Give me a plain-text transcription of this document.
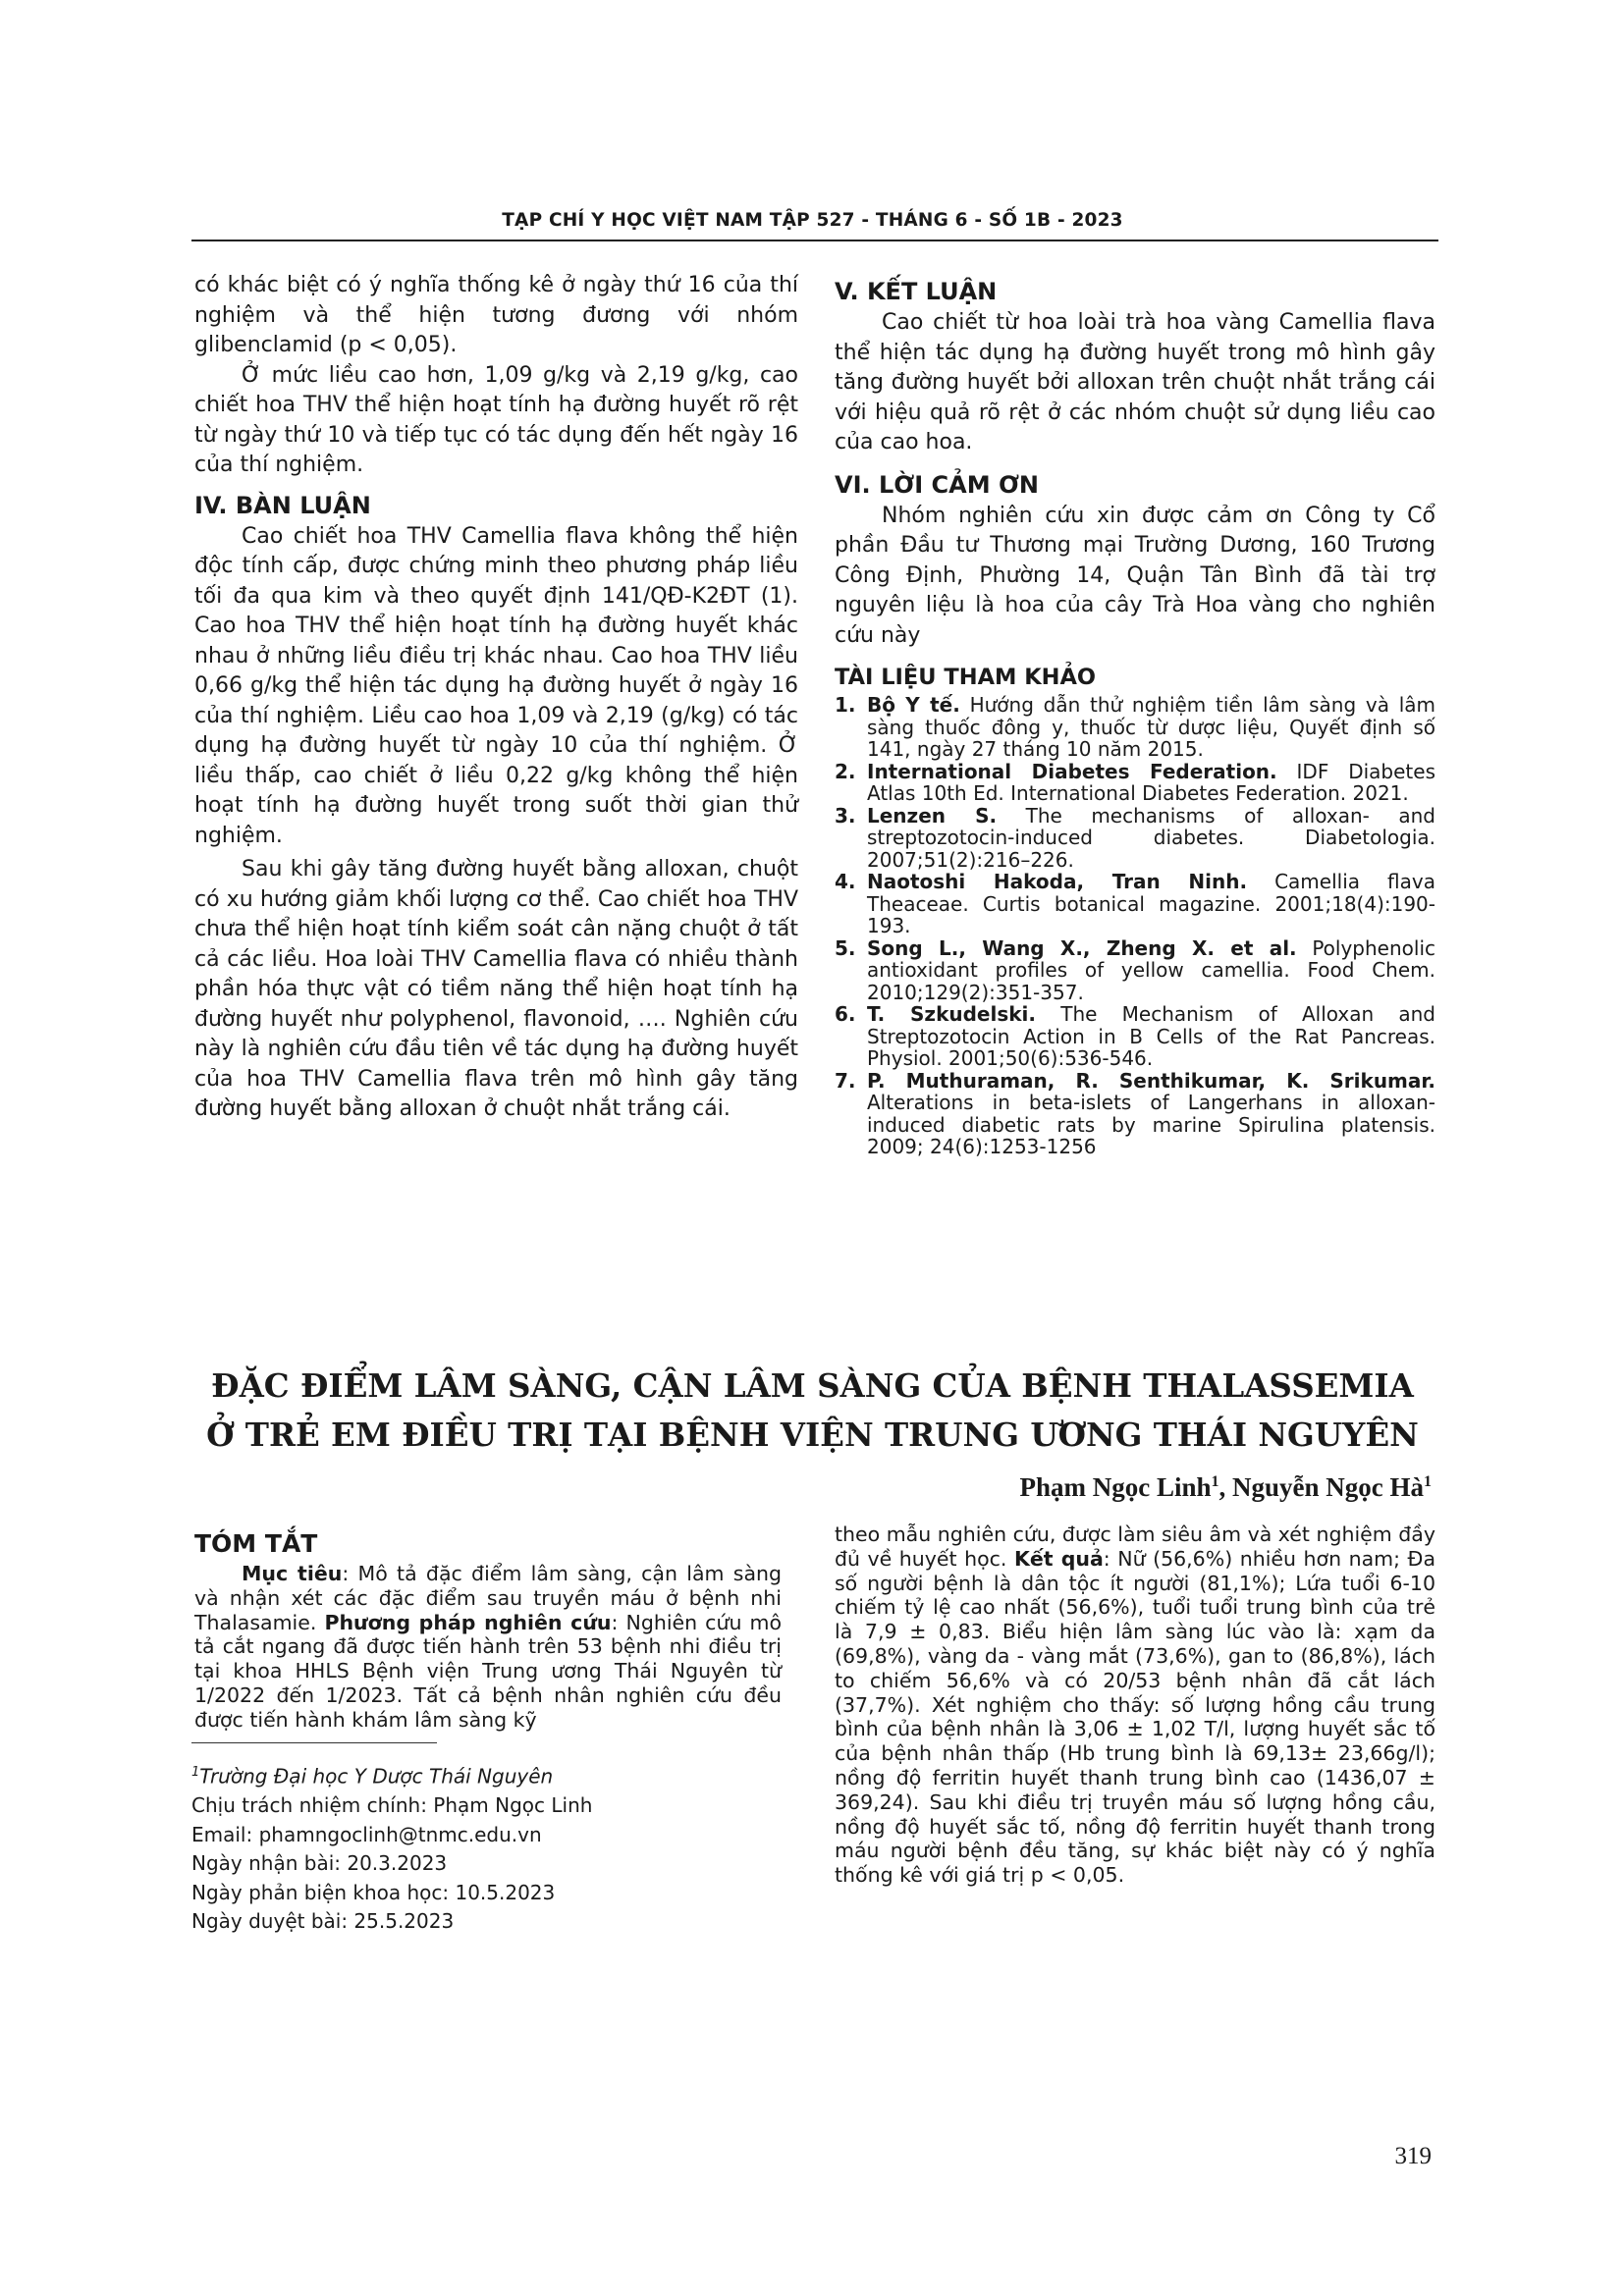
TẠP CHÍ Y HỌC VIỆT NAM TẬP 527 - THÁNG 6 - SỐ 1B - 2023

có khác biệt có ý nghĩa thống kê ở ngày thứ 16 của thí nghiệm và thể hiện tương đương với nhóm glibenclamid (p < 0,05).

Ở mức liều cao hơn, 1,09 g/kg và 2,19 g/kg, cao chiết hoa THV thể hiện hoạt tính hạ đường huyết rõ rệt từ ngày thứ 10 và tiếp tục có tác dụng đến hết ngày 16 của thí nghiệm.

IV. BÀN LUẬN

Cao chiết hoa THV Camellia flava không thể hiện độc tính cấp, được chứng minh theo phương pháp liều tối đa qua kim và theo quyết định 141/QĐ-K2ĐT (1). Cao hoa THV thể hiện hoạt tính hạ đường huyết khác nhau ở những liều điều trị khác nhau. Cao hoa THV liều 0,66 g/kg thể hiện tác dụng hạ đường huyết ở ngày 16 của thí nghiệm. Liều cao hoa 1,09 và 2,19 (g/kg) có tác dụng hạ đường huyết từ ngày 10 của thí nghiệm. Ở liều thấp, cao chiết ở liều 0,22 g/kg không thể hiện hoạt tính hạ đường huyết trong suốt thời gian thử nghiệm.

Sau khi gây tăng đường huyết bằng alloxan, chuột có xu hướng giảm khối lượng cơ thể. Cao chiết hoa THV chưa thể hiện hoạt tính kiểm soát cân nặng chuột ở tất cả các liều. Hoa loài THV Camellia flava có nhiều thành phần hóa thực vật có tiềm năng thể hiện hoạt tính hạ đường huyết như polyphenol, flavonoid, …. Nghiên cứu này là nghiên cứu đầu tiên về tác dụng hạ đường huyết của hoa THV Camellia flava trên mô hình gây tăng đường huyết bằng alloxan ở chuột nhắt trắng cái.

V. KẾT LUẬN

Cao chiết từ hoa loài trà hoa vàng Camellia flava thể hiện tác dụng hạ đường huyết trong mô hình gây tăng đường huyết bởi alloxan trên chuột nhắt trắng cái với hiệu quả rõ rệt ở các nhóm chuột sử dụng liều cao của cao hoa.

VI. LỜI CẢM ƠN

Nhóm nghiên cứu xin được cảm ơn Công ty Cổ phần Đầu tư Thương mại Trường Dương, 160 Trương Công Định, Phường 14, Quận Tân Bình đã tài trợ nguyên liệu là hoa của cây Trà Hoa vàng cho nghiên cứu này

TÀI LIỆU THAM KHẢO

1. Bộ Y tế. Hướng dẫn thử nghiệm tiền lâm sàng và lâm sàng thuốc đông y, thuốc từ dược liệu, Quyết định số 141, ngày 27 tháng 10 năm 2015.
2. International Diabetes Federation. IDF Diabetes Atlas 10th Ed. International Diabetes Federation. 2021.
3. Lenzen S. The mechanisms of alloxan- and streptozotocin-induced diabetes. Diabetologia. 2007;51(2):216–226.
4. Naotoshi Hakoda, Tran Ninh. Camellia flava Theaceae. Curtis botanical magazine. 2001;18(4):190-193.
5. Song L., Wang X., Zheng X. et al. Polyphenolic antioxidant profiles of yellow camellia. Food Chem. 2010;129(2):351-357.
6. T. Szkudelski. The Mechanism of Alloxan and Streptozotocin Action in B Cells of the Rat Pancreas. Physiol. 2001;50(6):536-546.
7. P. Muthuraman, R. Senthikumar, K. Srikumar. Alterations in beta-islets of Langerhans in alloxan-induced diabetic rats by marine Spirulina platensis. 2009; 24(6):1253-1256
ĐẶC ĐIỂM LÂM SÀNG, CẬN LÂM SÀNG CỦA BỆNH THALASSEMIA
Ở TRẺ EM ĐIỀU TRỊ TẠI BỆNH VIỆN TRUNG ƯƠNG THÁI NGUYÊN
Phạm Ngọc Linh$^1$, Nguyễn Ngọc $Hà^1$

TÓM TẮT

Mục tiêu: Mô tả đặc điểm lâm sàng, cận lâm sàng và nhận xét các đặc điểm sau truyền máu ở bệnh nhi Thalasamie. Phương pháp nghiên cứu: Nghiên cứu mô tả cắt ngang đã được tiến hành trên 53 bệnh nhi điều trị tại khoa HHLS Bệnh viện Trung ương Thái Nguyên từ 1/2022 đến 1/2023. Tất cả bệnh nhân nghiên cứu đều được tiến hành khám lâm sàng kỹ

$^1$Trường Đại học Y Dược Thái Nguyên

Chịu trách nhiệm chính: Phạm Ngọc Linh

Email: phamngoclinh@tnmc.edu.vn

Ngày nhận bài: 20.3.2023

Ngày phản biện khoa học: 10.5.2023

Ngày duyệt bài: 25.5.2023

theo mẫu nghiên cứu, được làm siêu âm và xét nghiệm đầy đủ về huyết học. Kết quả: Nữ (56,6%) nhiều hơn nam; Đa số người bệnh là dân tộc ít người (81,1%); Lứa tuổi 6-10 chiếm tỷ lệ cao nhất (56,6%), tuổi tuổi trung bình của trẻ là 7,9 ± 0,83. Biểu hiện lâm sàng lúc vào là: xạm da (69,8%), vàng da - vàng mắt (73,6%), gan to (86,8%), lách to chiếm 56,6% và có 20/53 bệnh nhân đã cắt lách (37,7%). Xét nghiệm cho thấy: số lượng hồng cầu trung bình của bệnh nhân là 3,06 ± 1,02 T/l, lượng huyết sắc tố của bệnh nhân thấp (Hb trung bình là 69,13± 23,66g/l); nồng độ ferritin huyết thanh trung bình cao (1436,07 ± 369,24). Sau khi điều trị truyền máu số lượng hồng cầu, nồng độ huyết sắc tố, nồng độ ferritin huyết thanh trong máu người bệnh đều tăng, sự khác biệt này có ý nghĩa thống kê với giá trị p < 0,05.

319
